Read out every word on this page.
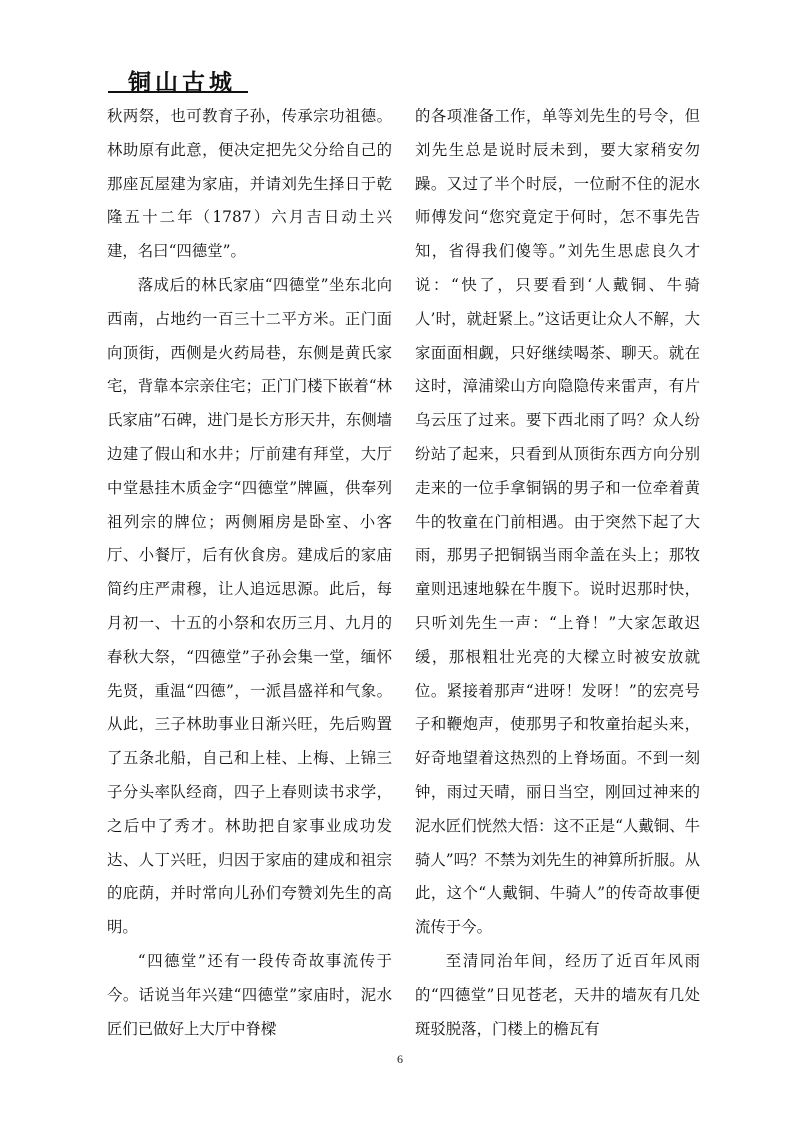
铜山古城

秋两祭，也可教育子孙，传承宗功祖德。林助原有此意，便决定把先父分给自己的那座瓦屋建为家庙，并请刘先生择日于乾隆五十二年（1787）六月吉日动土兴建，名曰“四德堂”。

落成后的林氏家庙“四德堂”坐东北向西南，占地约一百三十二平方米。正门面向顶街，西侧是火药局巷，东侧是黄氏家宅，背靠本宗亲住宅；正门门楼下嵌着“林氏家庙”石碑，进门是长方形天井，东侧墙边建了假山和水井；厅前建有拜堂，大厅中堂悬挂木质金字“四德堂”牌匾，供奉列祖列宗的牌位；两侧厢房是卧室、小客厅、小餐厅，后有伙食房。建成后的家庙简约庄严肃穆，让人追远思源。此后，每月初一、十五的小祭和农历三月、九月的春秋大祭，“四德堂”子孙会集一堂，缅怀先贤，重温“四德”，一派昌盛祥和气象。从此，三子林助事业日渐兴旺，先后购置了五条北船，自己和上桂、上梅、上锦三子分头率队经商，四子上春则读书求学，之后中了秀才。林助把自家事业成功发达、人丁兴旺，归因于家庙的建成和祖宗的庇荫，并时常向儿孙们夸赞刘先生的高明。

“四德堂”还有一段传奇故事流传于今。话说当年兴建“四德堂”家庙时，泥水匠们已做好上大厅中脊樑

的各项准备工作，单等刘先生的号令，但刘先生总是说时辰未到，要大家稍安勿躁。又过了半个时辰，一位耐不住的泥水师傅发问“您究竟定于何时，怎不事先告知，省得我们傻等。”刘先生思虑良久才说：“快了，只要看到‘人戴铜、牛骑人’时，就赶紧上。”这话更让众人不解，大家面面相觑，只好继续喝茶、聊天。就在这时，漳浦梁山方向隐隐传来雷声，有片乌云压了过来。要下西北雨了吗？众人纷纷站了起来，只看到从顶街东西方向分别走来的一位手拿铜锅的男子和一位牵着黄牛的牧童在门前相遇。由于突然下起了大雨，那男子把铜锅当雨伞盖在头上；那牧童则迅速地躲在牛腹下。说时迟那时快，只听刘先生一声：“上脊！”大家怎敢迟缓，那根粗壮光亮的大樑立时被安放就位。紧接着那声“进呀！发呀！”的宏亮号子和鞭炮声，使那男子和牧童抬起头来，好奇地望着这热烈的上脊场面。不到一刻钟，雨过天晴，丽日当空，刚回过神来的泥水匠们恍然大悟：这不正是“人戴铜、牛骑人”吗？不禁为刘先生的神算所折服。从此，这个“人戴铜、牛骑人”的传奇故事便流传于今。

至清同治年间，经历了近百年风雨的“四德堂”日见苍老，天井的墙灰有几处斑驳脱落，门楼上的檐瓦有

6
